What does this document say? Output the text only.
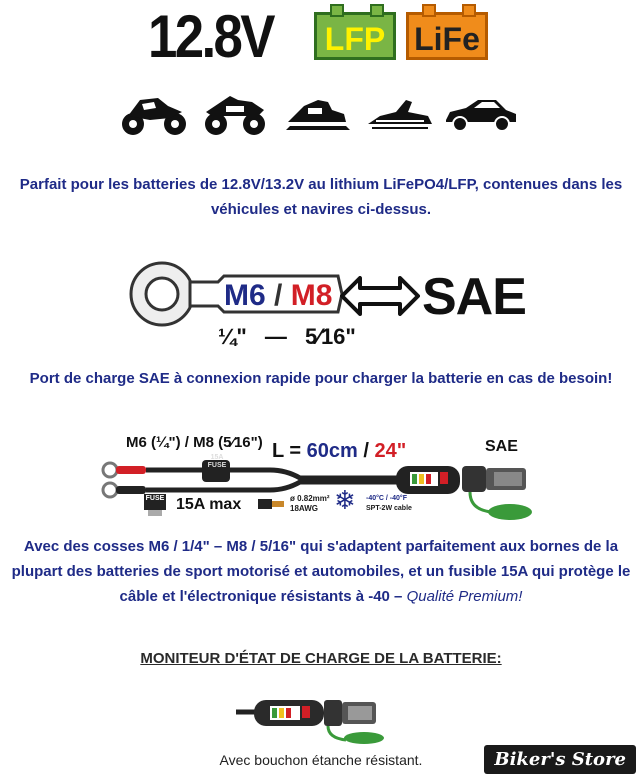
12.8V	LFP LiFe
Parfait pour les batteries de 12.8V/13.2V au lithium LiFePO4/LFP, contenues dans les
véhicules et navires ci-dessus.
M6 / M8 SAE
¼" — 5⁄16"
Port de charge SAE à connexion rapide pour charger la batterie en cas de besoin!
M6 (¼") / M8 (5⁄16") L = 60cm / 24"	SAE
15A
FUSE
FUSE 15A max	ø 0.82mm²
18AWG ❄ -40°C / -40°F
SPT-2W cable
Avec des cosses M6 / 1/4" – M8 / 5/16" qui s'adaptent parfaitement aux bornes de la
plupart des batteries de sport motorisé et automobiles, et un fusible 15A qui protège le
câble et l'électronique résistants à -40 – Qualité Premium!
MONITEUR D'ÉTAT DE CHARGE DE LA BATTERIE:
Avec bouchon étanche résistant.	Biker's Store
